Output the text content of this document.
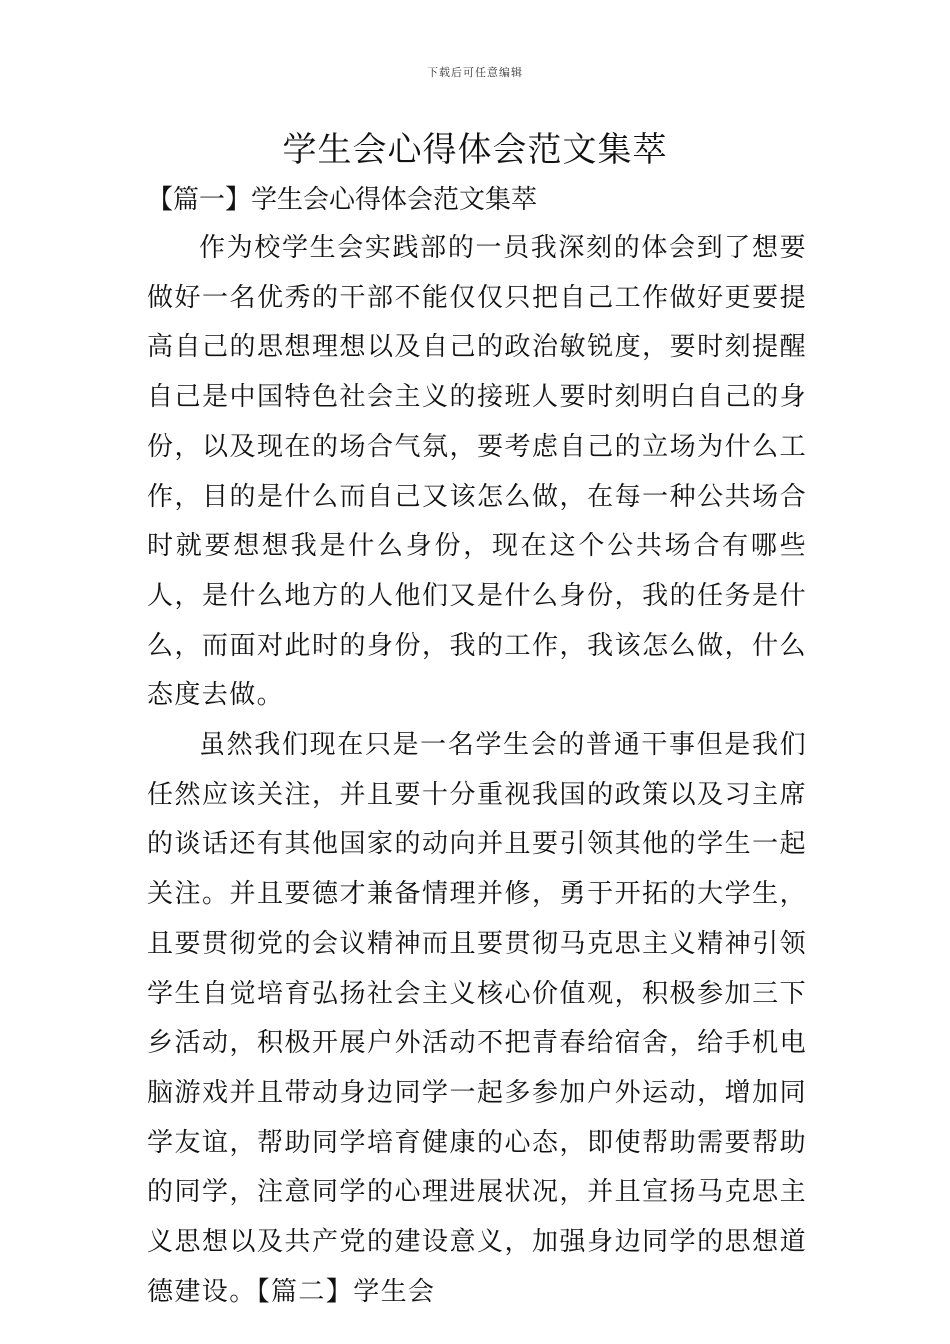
下载后可任意编辑
学生会心得体会范文集萃
【篇一】学生会心得体会范文集萃

作为校学生会实践部的一员我深刻的体会到了想要做好一名优秀的干部不能仅仅只把自己工作做好更要提高自己的思想理想以及自己的政治敏锐度，要时刻提醒自己是中国特色社会主义的接班人要时刻明白自己的身份，以及现在的场合气氛，要考虑自己的立场为什么工作，目的是什么而自己又该怎么做，在每一种公共场合时就要想想我是什么身份，现在这个公共场合有哪些人，是什么地方的人他们又是什么身份，我的任务是什么，而面对此时的身份，我的工作，我该怎么做，什么态度去做。

虽然我们现在只是一名学生会的普通干事但是我们任然应该关注，并且要十分重视我国的政策以及习主席的谈话还有其他国家的动向并且要引领其他的学生一起关注。并且要德才兼备情理并修，勇于开拓的大学生，且要贯彻党的会议精神而且要贯彻马克思主义精神引领学生自觉培育弘扬社会主义核心价值观，积极参加三下乡活动，积极开展户外活动不把青春给宿舍，给手机电脑游戏并且带动身边同学一起多参加户外运动，增加同学友谊，帮助同学培育健康的心态，即使帮助需要帮助的同学，注意同学的心理进展状况，并且宣扬马克思主义思想以及共产党的建设意义，加强身边同学的思想道德建设。【篇二】学生会
